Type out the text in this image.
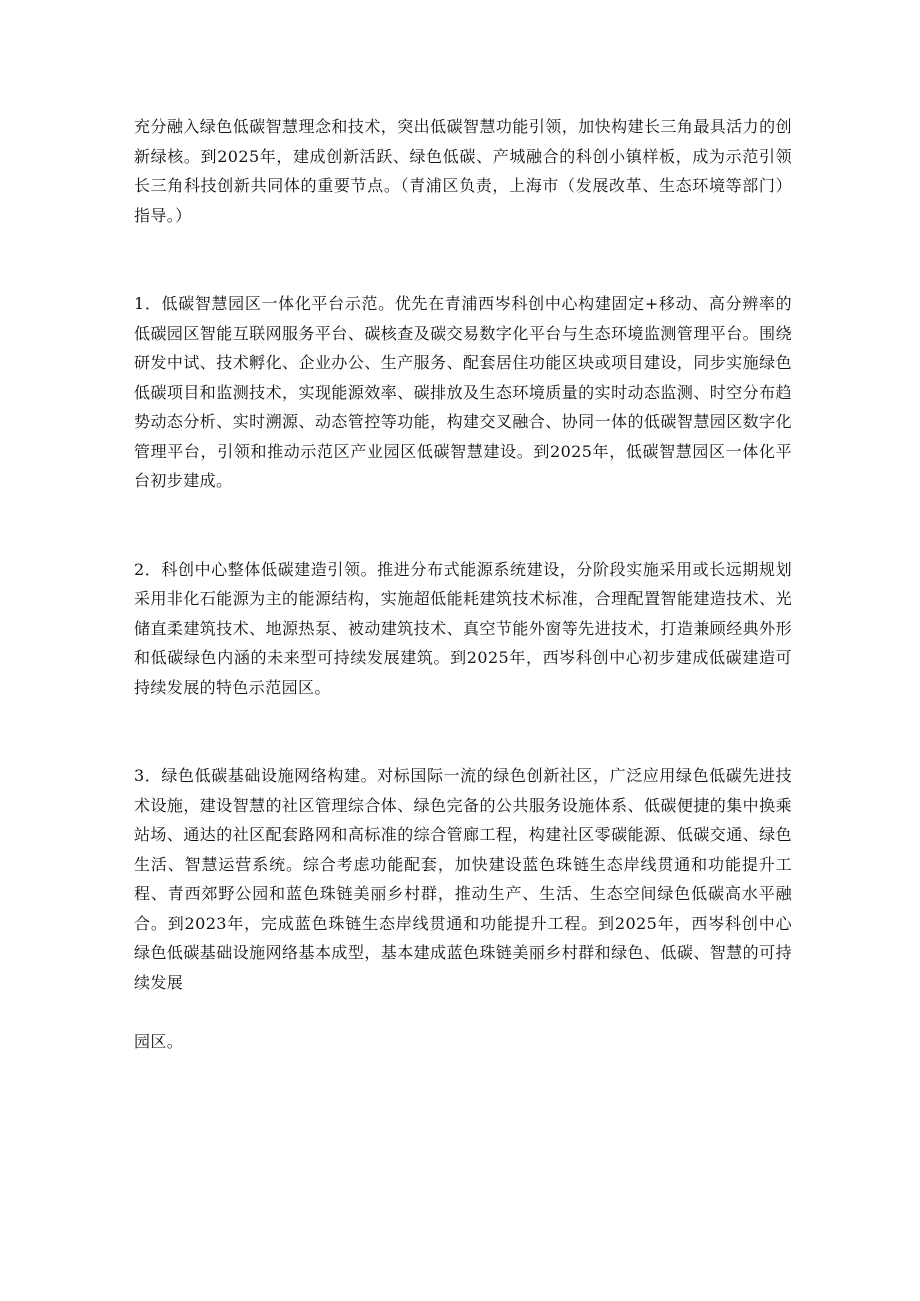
充分融入绿色低碳智慧理念和技术，突出低碳智慧功能引领，加快构建长三角最具活力的创新绿核。到2025年，建成创新活跃、绿色低碳、产城融合的科创小镇样板，成为示范引领长三角科技创新共同体的重要节点。（青浦区负责，上海市（发展改革、生态环境等部门）指导。）

1．低碳智慧园区一体化平台示范。优先在青浦西岑科创中心构建固定+移动、高分辨率的低碳园区智能互联网服务平台、碳核查及碳交易数字化平台与生态环境监测管理平台。围绕研发中试、技术孵化、企业办公、生产服务、配套居住功能区块或项目建设，同步实施绿色低碳项目和监测技术，实现能源效率、碳排放及生态环境质量的实时动态监测、时空分布趋势动态分析、实时溯源、动态管控等功能，构建交叉融合、协同一体的低碳智慧园区数字化管理平台，引领和推动示范区产业园区低碳智慧建设。到2025年，低碳智慧园区一体化平台初步建成。

2．科创中心整体低碳建造引领。推进分布式能源系统建设，分阶段实施采用或长远期规划采用非化石能源为主的能源结构，实施超低能耗建筑技术标准，合理配置智能建造技术、光储直柔建筑技术、地源热泵、被动建筑技术、真空节能外窗等先进技术，打造兼顾经典外形和低碳绿色内涵的未来型可持续发展建筑。到2025年，西岑科创中心初步建成低碳建造可持续发展的特色示范园区。

3．绿色低碳基础设施网络构建。对标国际一流的绿色创新社区，广泛应用绿色低碳先进技术设施，建设智慧的社区管理综合体、绿色完备的公共服务设施体系、低碳便捷的集中换乘站场、通达的社区配套路网和高标准的综合管廊工程，构建社区零碳能源、低碳交通、绿色生活、智慧运营系统。综合考虑功能配套，加快建设蓝色珠链生态岸线贯通和功能提升工程、青西郊野公园和蓝色珠链美丽乡村群，推动生产、生活、生态空间绿色低碳高水平融合。到2023年，完成蓝色珠链生态岸线贯通和功能提升工程。到2025年，西岑科创中心绿色低碳基础设施网络基本成型，基本建成蓝色珠链美丽乡村群和绿色、低碳、智慧的可持续发展

园区。
